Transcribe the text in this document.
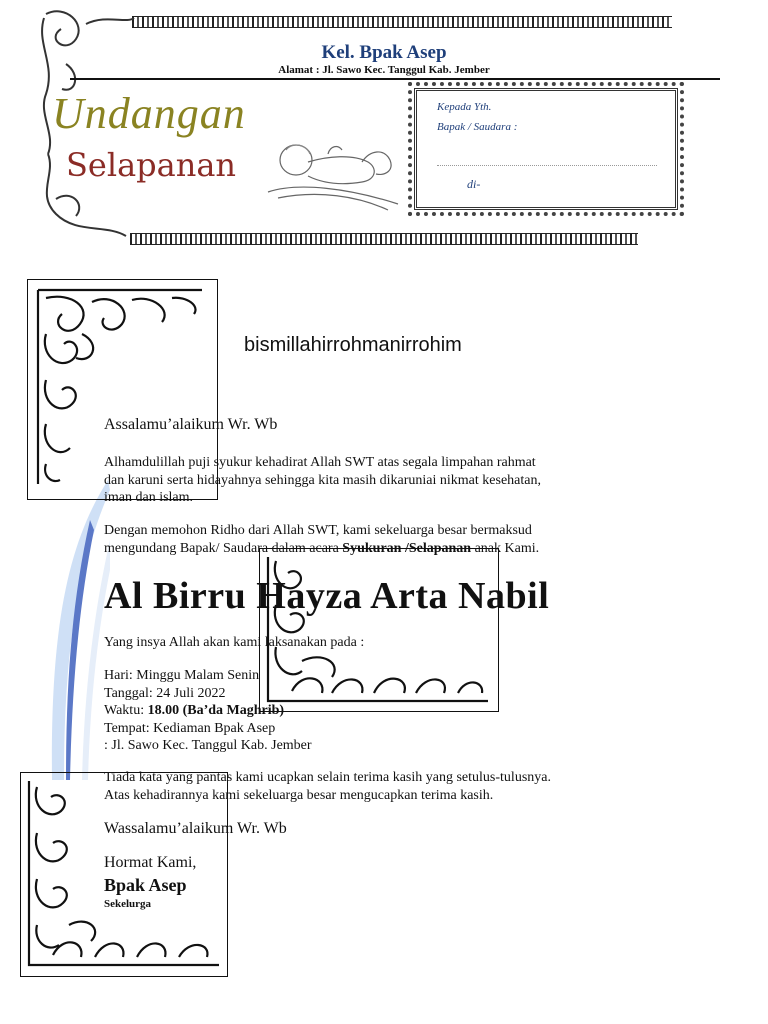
Kel. Bpak Asep
Alamat : Jl. Sawo Kec. Tanggul Kab. Jember
Undangan
Selapanan
Kepada Yth.
Bapak / Saudara :
di-
bismillahirrohmanirrohim
Assalamu’alaikum Wr. Wb
Alhamdulillah puji syukur kehadirat Allah SWT atas segala limpahan rahmat
dan karuni serta hidayahnya sehingga kita masih dikaruniai nikmat kesehatan,
iman dan islam.
Dengan memohon Ridho dari Allah SWT, kami sekeluarga besar bermaksud
mengundang Bapak/ Saudara dalam acara Syukuran /Selapanan anak Kami.
Al Birru Hayza Arta Nabil
Yang insya Allah akan kami laksanakan pada :
Hari: Minggu Malam Senin
Tanggal: 24 Juli 2022
Waktu: 18.00 (Ba’da Maghrib)
Tempat: Kediaman Bpak Asep
: Jl. Sawo Kec. Tanggul Kab. Jember
Tiada kata yang pantas kami ucapkan selain terima kasih yang setulus-tulusnya.
Atas kehadirannya kami sekeluarga besar mengucapkan terima kasih.
Wassalamu’alaikum Wr. Wb
Hormat Kami,
Bpak Asep
Sekelurga
